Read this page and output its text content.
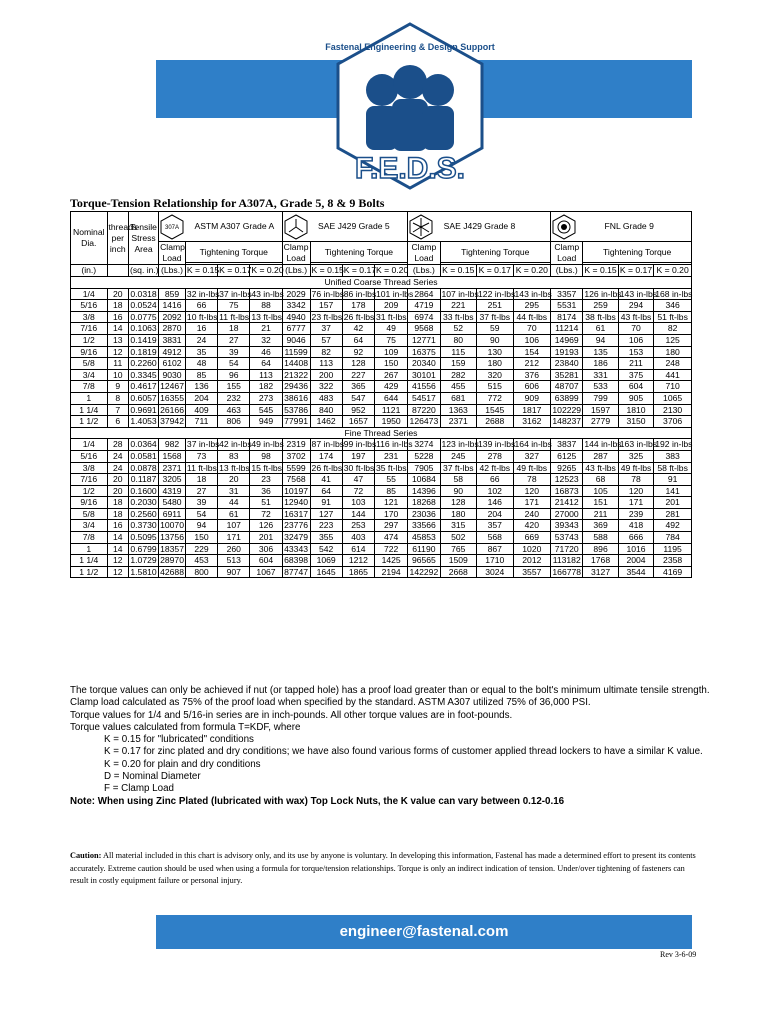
Fastenal Engineering & Design Support
F.E.D.S.
Torque-Tension Relationship for A307A, Grade 5, 8 & 9 Bolts
Nominal Dia.	threads per inch	Tensile Stress Area	307A ASTM A307 Grade A				SAE J429 Grade 5				SAE J429 Grade 8				FNL Grade 9			
			Clamp Load	Tightening Torque			Clamp Load	Tightening Torque			Clamp Load	Tightening Torque			Clamp Load	Tightening Torque		

(in.)		(sq. in.)	(Lbs.)	K = 0.15	K = 0.17	K = 0.20	(Lbs.)	K = 0.15	K = 0.17	K = 0.20	(Lbs.)	K = 0.15	K = 0.17	K = 0.20	(Lbs.)	K = 0.15	K = 0.17	K = 0.20
Unified Coarse Thread Series																		
1/4	20	0.0318	859	32 in-lbs	37 in-lbs	43 in-lbs	2029	76 in-lbs	86 in-lbs	101 in-lbs	2864	107 in-lbs	122 in-lbs	143 in-lbs	3357	126 in-lbs	143 in-lbs	168 in-lbs
5/16	18	0.0524	1416	66	75	88	3342	157	178	209	4719	221	251	295	5531	259	294	346
3/8	16	0.0775	2092	10 ft-lbs	11 ft-lbs	13 ft-lbs	4940	23 ft-lbs	26 ft-lbs	31 ft-lbs	6974	33 ft-lbs	37 ft-lbs	44 ft-lbs	8174	38 ft-lbs	43 ft-lbs	51 ft-lbs
7/16	14	0.1063	2870	16	18	21	6777	37	42	49	9568	52	59	70	11214	61	70	82
1/2	13	0.1419	3831	24	27	32	9046	57	64	75	12771	80	90	106	14969	94	106	125
9/16	12	0.1819	4912	35	39	46	11599	82	92	109	16375	115	130	154	19193	135	153	180
5/8	11	0.2260	6102	48	54	64	14408	113	128	150	20340	159	180	212	23840	186	211	248
3/4	10	0.3345	9030	85	96	113	21322	200	227	267	30101	282	320	376	35281	331	375	441
7/8	9	0.4617	12467	136	155	182	29436	322	365	429	41556	455	515	606	48707	533	604	710
1	8	0.6057	16355	204	232	273	38616	483	547	644	54517	681	772	909	63899	799	905	1065
1 1/4	7	0.9691	26166	409	463	545	53786	840	952	1121	87220	1363	1545	1817	102229	1597	1810	2130
1 1/2	6	1.4053	37942	711	806	949	77991	1462	1657	1950	126473	2371	2688	3162	148237	2779	3150	3706
Fine Thread Series																		
1/4	28	0.0364	982	37 in-lbs	42 in-lbs	49 in-lbs	2319	87 in-lbs	99 in-lbs	116 in-lbs	3274	123 in-lbs	139 in-lbs	164 in-lbs	3837	144 in-lbs	163 in-lbs	192 in-lbs
5/16	24	0.0581	1568	73	83	98	3702	174	197	231	5228	245	278	327	6125	287	325	383
3/8	24	0.0878	2371	11 ft-lbs	13 ft-lbs	15 ft-lbs	5599	26 ft-lbs	30 ft-lbs	35 ft-lbs	7905	37 ft-lbs	42 ft-lbs	49 ft-lbs	9265	43 ft-lbs	49 ft-lbs	58 ft-lbs
7/16	20	0.1187	3205	18	20	23	7568	41	47	55	10684	58	66	78	12523	68	78	91
1/2	20	0.1600	4319	27	31	36	10197	64	72	85	14396	90	102	120	16873	105	120	141
9/16	18	0.2030	5480	39	44	51	12940	91	103	121	18268	128	146	171	21412	151	171	201
5/8	18	0.2560	6911	54	61	72	16317	127	144	170	23036	180	204	240	27000	211	239	281
3/4	16	0.3730	10070	94	107	126	23776	223	253	297	33566	315	357	420	39343	369	418	492
7/8	14	0.5095	13756	150	171	201	32479	355	403	474	45853	502	568	669	53743	588	666	784
1	14	0.6799	18357	229	260	306	43343	542	614	722	61190	765	867	1020	71720	896	1016	1195
1 1/4	12	1.0729	28970	453	513	604	68398	1069	1212	1425	96565	1509	1710	2012	113182	1768	2004	2358
1 1/2	12	1.5810	42688	800	907	1067	87747	1645	1865	2194	142292	2668	3024	3557	166778	3127	3544	4169

The torque values can only be achieved if nut (or tapped hole) has a proof load greater than or equal to the bolt's minimum ultimate tensile strength.

Clamp load calculated as 75% of the proof load when specified by the standard. ASTM A307 utilized 75% of 36,000 PSI.

Torque values for 1/4 and 5/16-in series are in inch-pounds. All other torque values are in foot-pounds.

Torque values calculated from formula T=KDF, where

K = 0.15 for "lubricated" conditions

K = 0.17 for zinc plated and dry conditions; we have also found various forms of customer applied thread lockers to have a similar K value.

K = 0.20 for plain and dry conditions

D = Nominal Diameter

F = Clamp Load

Note: When using Zinc Plated (lubricated with wax) Top Lock Nuts, the K value can vary between 0.12-0.16

Caution: All material included in this chart is advisory only, and its use by anyone is voluntary. In developing this information, Fastenal has made a determined effort to present its contents accurately. Extreme caution should be used when using a formula for torque/tension relationships. Torque is only an indirect indication of tension. Under/over tightening of fasteners can result in costly equipment failure or personal injury.
engineer@fastenal.com
Rev 3-6-09
